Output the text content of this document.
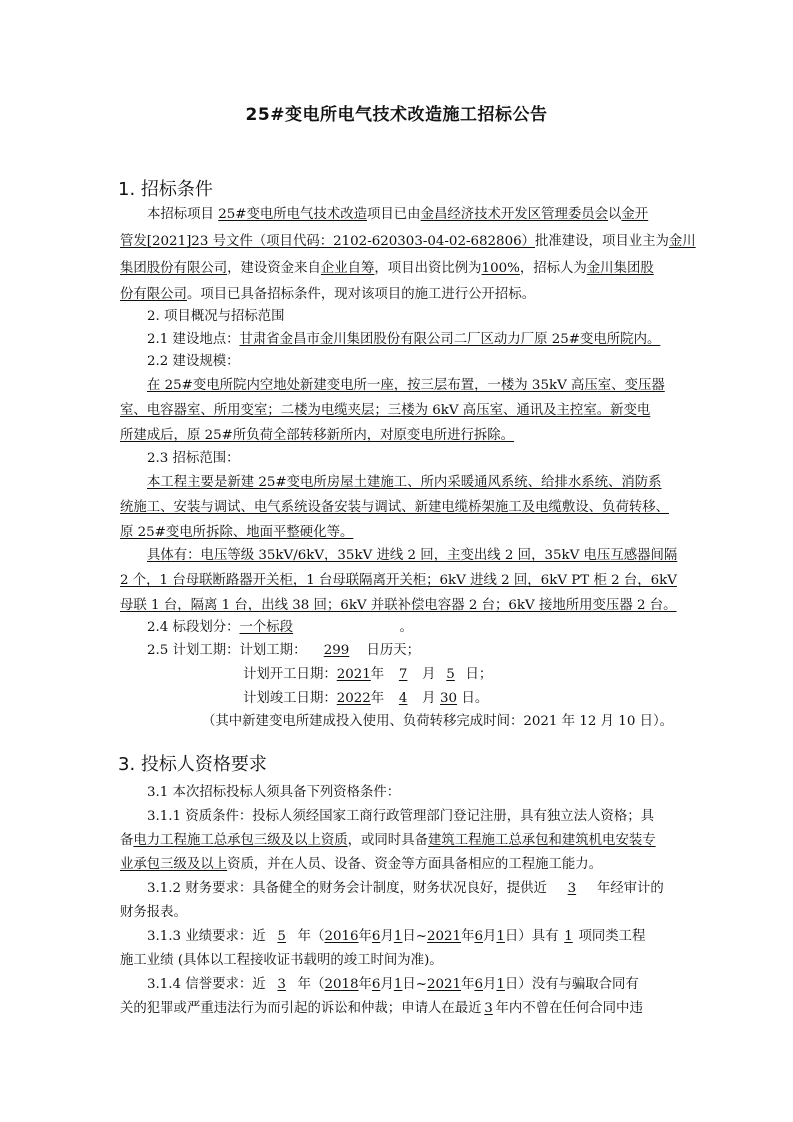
25#变电所电气技术改造施工招标公告
1. 招标条件
本招标项目 25#变电所电气技术改造项目已由金昌经济技术开发区管理委员会以金开
管发[2021]23 号文件（项目代码：2102-620303-04-02-682806）批准建设，项目业主为金川
集团股份有限公司，建设资金来自企业自筹，项目出资比例为100%，招标人为金川集团股
份有限公司。项目已具备招标条件，现对该项目的施工进行公开招标。
2. 项目概况与招标范围
2.1 建设地点：甘肃省金昌市金川集团股份有限公司二厂区动力厂原 25#变电所院内。
2.2 建设规模：
在 25#变电所院内空地处新建变电所一座，按三层布置，一楼为 35kV 高压室、变压器
室、电容器室、所用变室；二楼为电缆夹层；三楼为 6kV 高压室、通讯及主控室。新变电
所建成后，原 25#所负荷全部转移新所内，对原变电所进行拆除。
2.3 招标范围：
本工程主要是新建 25#变电所房屋土建施工、所内采暖通风系统、给排水系统、消防系
统施工、安装与调试、电气系统设备安装与调试、新建电缆桥架施工及电缆敷设、负荷转移、
原 25#变电所拆除、地面平整硬化等。
具体有：电压等级 35kV/6kV，35kV 进线 2 回，主变出线 2 回，35kV 电压互感器间隔
2 个，1 台母联断路器开关柜，1 台母联隔离开关柜；6kV 进线 2 回，6kV PT 柜 2 台，6kV
母联 1 台，隔离 1 台，出线 38 回；6kV 并联补偿电容器 2 台；6kV 接地所用变压器 2 台。
2.4 标段划分：一个标段	。
2.5 计划工期：计划工期： 299 日历天；
计划开工日期：2021年 7 月 5 日；
计划竣工日期：2022年 4 月 30 日。
（其中新建变电所建成投入使用、负荷转移完成时间：2021 年 12 月 10 日）。
3. 投标人资格要求
3.1 本次招标投标人须具备下列资格条件：
3.1.1 资质条件：投标人须经国家工商行政管理部门登记注册，具有独立法人资格；具
备电力工程施工总承包三级及以上资质，或同时具备建筑工程施工总承包和建筑机电安装专
业承包三级及以上资质，并在人员、设备、资金等方面具备相应的工程施工能力。
3.1.2 财务要求：具备健全的财务会计制度，财务状况良好，提供近 3 年经审计的
财务报表。
3.1.3 业绩要求：近 5 年（2016年6月1日~2021年6月1日）具有 1 项同类工程
施工业绩 (具体以工程接收证书载明的竣工时间为准)。
3.1.4 信誉要求：近 3 年（2018年6月1日~2021年6月1日）没有与骗取合同有
关的犯罪或严重违法行为而引起的诉讼和仲裁；申请人在最近 3 年内不曾在任何合同中违
